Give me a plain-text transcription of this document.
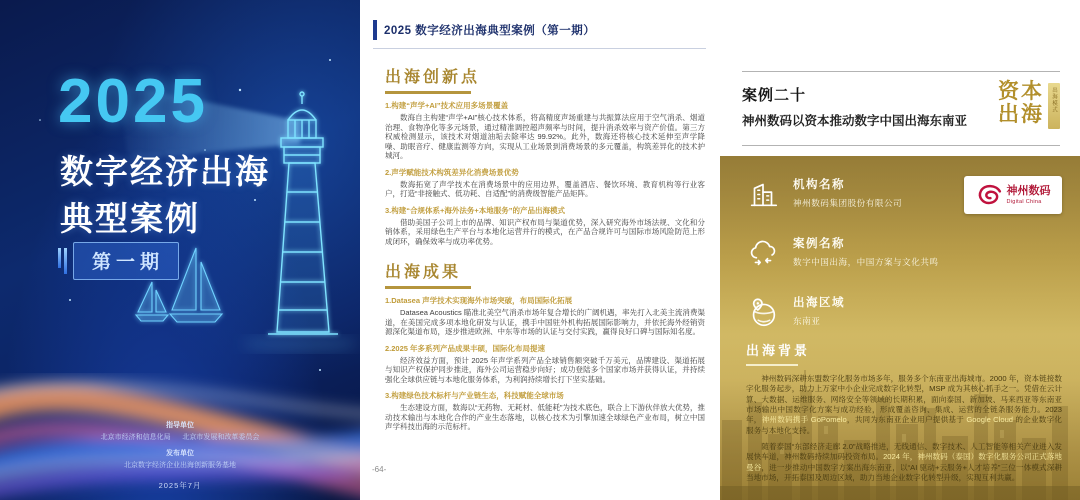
2025
数字经济出海
典型案例
第一期
指导单位
北京市经济和信息化局      北京市发展和改革委员会
发布单位
北京数字经济企业出海创新服务基地
2025年7月
2025 数字经济出海典型案例（第一期）
出海创新点
1.构建“声学+AI”技术应用多场景覆盖
数海自主构建“声学+AI”核心技术体系，将高精度声场重建与共振算法应用于空气消杀、烟道治理、食物净化等多元场景，通过精准调控超声频率与时间，提升消杀效率与资产价值。第三方权威检测显示，该技术对烟道油垢去除率达 99.92%。此外，数海还将核心技术延伸至声学降噪、助眠音疗、健康监测等方向，实现从工业场景到消费场景的多元覆盖，构筑差异化的技术护城河。
2.声学赋能技术构筑差异化消费场景优势
数海拓宽了声学技术在消费场景中的应用边界，覆盖酒店、餐饮环境、教育机构等行业客户，打造“非接触式、低功耗、自适配”的消费级智能产品矩阵。
3.构建“合规体系+海外法务+本地服务”的产品出海模式
借助美国子公司上市的品牌、知识产权布局与渠道优势，深入研究海外市场法规、文化和分销体系，采用绿色生产平台与本地化运营并行的模式，在产品合规许可与国际市场风险防范上形成闭环，确保效率与成功率优势。
出海成果
1.Datasea 声学技术实现海外市场突破，布局国际化拓展
Datasea Acoustics 瞄准北美空气消杀市场年复合增长的广阔机遇，率先打入北美主流消费渠道，在美国完成多项本地化研发与认证，携手中国驻外机构拓展国际影响力，并依托海外经销资源深化渠道布局，逐步推进欧洲、中东等市场的认证与交付实践，赢得良好口碑与国际知名度。
2.2025 年多系列产品成果丰硕，国际化布局提速
经济效益方面，预计 2025 年声学系列产品全球销售额突破千万美元，品牌建设、渠道拓展与知识产权保护同步推进，海外公司运营稳步向好；成功登陆多个国家市场并获得认证，并持续强化全球供应链与本地化服务体系，为利润持续增长打下坚实基础。
3.构建绿色技术标杆与产业链生态，科技赋能全球市场
生态建设方面，数海以“无药物、无耗材、低能耗”为技术底色，联合上下游伙伴放大优势，推动技术输出与本地化合作的产业生态落地，以核心技术为引擎加速全球绿色产业布局，树立中国声学科技出海的示范标杆。
-64-
案例二十
神州数码以资本推动数字中国出海东南亚
资本
出海
出海模式
神州数码
Digital China
机构名称
神州数码集团股份有限公司
案例名称
数字中国出海，中国方案与文化共鸣
出海区域
东南亚
出海背景
神州数码深耕东盟数字化服务市场多年，服务多个东南亚出海城市。2000 年，资本链接数字化服务起步，助力上万家中小企业完成数字化转型，MSP 成为其核心抓手之一。凭借在云计算、大数据、运维服务、网络安全等领域的长期积累，面向泰国、新加坡、马来西亚等东南亚市场输出中国数字化方案与成功经验，形成覆盖咨询、集成、运营的全链条服务能力。2023 年，神州数码携手 GoPomelo，共同为东南亚企业用户提供基于 Google Cloud 的企业数字化服务与本地化支持。
随着泰国“东部经济走廊 2.0”战略推进，无线通信、数字技术、人工智能等相关产业进入发展快车道，神州数码持续加码投资布局。2024 年，神州数码（泰国）数字化服务公司正式落地曼谷，进一步推动中国数字方案出海东南亚，以“AI 驱动+云服务+人才培养”三位一体模式深耕当地市场，开拓泰国及周边区域，助力当地企业数字化转型升级，实现互利共赢。
